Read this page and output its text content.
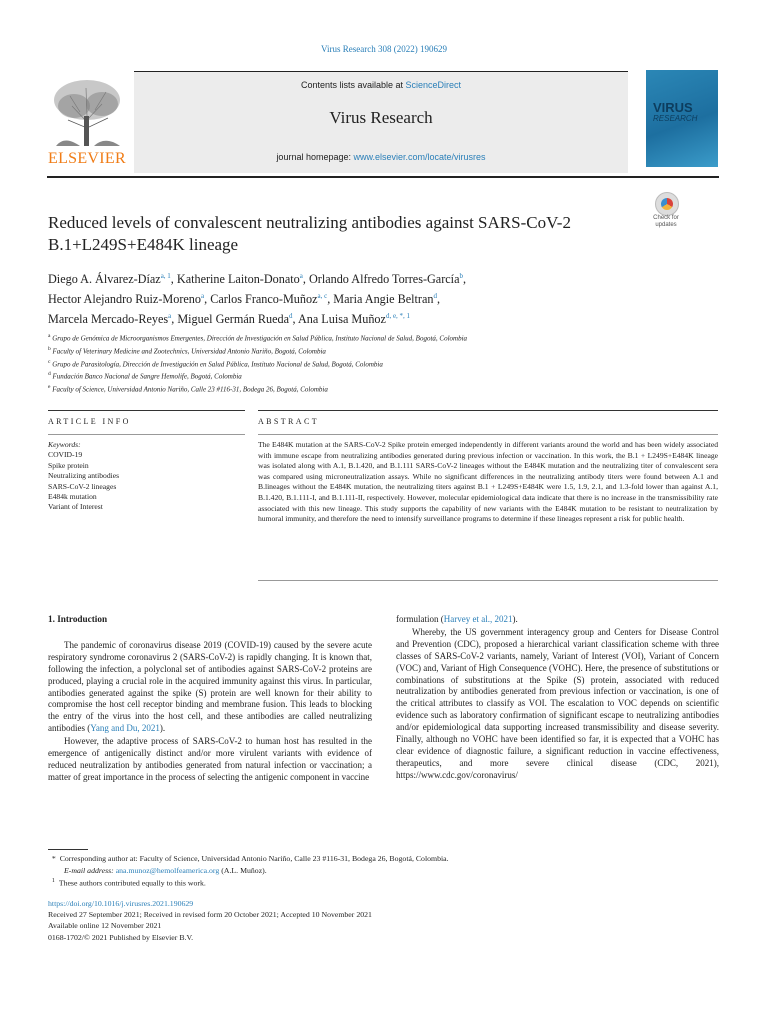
Virus Research 308 (2022) 190629
ELSEVIER
Contents lists available at ScienceDirect
Virus Research
journal homepage: www.elsevier.com/locate/virusres
VIRUS
RESEARCH
Reduced levels of convalescent neutralizing antibodies against SARS-CoV-2 B.1+L249S+E484K lineage
Check for
updates
Diego A. Álvarez-Díaz$^{a, 1}$, Katherine Laiton-Donato$^a$, Orlando Alfredo Torres-García$^b$,
Hector Alejandro Ruiz-Moreno$^a$, Carlos Franco-Muñoz$^{a, c}$, Maria Angie Beltran$^d$,
Marcela Mercado-Reyes$^a$, Miguel Germán Rueda$^d$, Ana Luisa Muñoz$^{d, e, *, 1}$
$^a$ Grupo de Genómica de Microorganismos Emergentes, Dirección de Investigación en Salud Pública, Instituto Nacional de Salud, Bogotá, Colombia
$^b$ Faculty of Veterinary Medicine and Zootechnics, Universidad Antonio Nariño, Bogotá, Colombia
$^c$ Grupo de Parasitología, Dirección de Investigación en Salud Pública, Instituto Nacional de Salud, Bogotá, Colombia
$^d$ Fundación Banco Nacional de Sangre Hemolife, Bogotá, Colombia
$^e$ Faculty of Science, Universidad Antonio Nariño, Calle 23 #116-31, Bodega 26, Bogotá, Colombia
ARTICLE INFO	ABSTRACT
Keywords:
COVID-19
Spike protein
Neutralizing antibodies
SARS-CoV-2 lineages
E484k mutation
Variant of Interest
The E484K mutation at the SARS-CoV-2 Spike protein emerged independently in different variants around the world and has been widely associated with immune escape from neutralizing antibodies generated during previous infection or vaccination. In this work, the B.1 + L249S+E484K lineage was isolated along with A.1, B.1.420, and B.1.111 SARS-CoV-2 lineages without the E484K mutation and the neutralizing titer of convalescent sera was compared using microneutralization assays. While no significant differences in the neutralizing antibody titers were found between A.1 and B.lineages without the E484K mutation, the neutralizing titers against B.1 + L249S+E484K were 1.5, 1.9, 2.1, and 1.3-fold lower than against A.1, B.1.420, B.1.111-I, and B.1.111-II, respectively. However, molecular epidemiological data indicate that there is no increase in the transmissibility rate associated with this new lineage. This study supports the capability of new variants with the E484K mutation to be resistant to neutralization by humoral immunity, and therefore the need to intensify surveillance programs to determine if these lineages represent a risk for public health.
1. Introduction

The pandemic of coronavirus disease 2019 (COVID-19) caused by the severe acute respiratory syndrome coronavirus 2 (SARS-CoV-2) is rapidly changing. It is known that, following the infection, a polyclonal set of antibodies against SARS-CoV-2 proteins are produced, playing a crucial role in the acquired immunity against this virus. In particular, antibodies generated against the spike (S) protein are well known for their ability to compromise the host cell receptor binding and membrane fusion. This leads to blocking the entry of the virus into the host cell, and these antibodies are called neutralizing antibodies (Yang and Du, 2021).

However, the adaptive process of SARS-CoV-2 to human host has resulted in the emergence of antigenically distinct and/or more virulent variants with evidence of reduced neutralization by antibodies generated from natural infection or vaccination; a matter of great importance in the process of selecting the antigenic component in vaccine

formulation (Harvey et al., 2021).

Whereby, the US government interagency group and Centers for Disease Control and Prevention (CDC), proposed a hierarchical variant classification scheme with three classes of SARS-CoV-2 variants, namely, Variant of Interest (VOI), Variant of Concern (VOC) and, Variant of High Consequence (VOHC). Here, the presence of substitutions or combinations of substitutions at the Spike (S) protein, associated with reduced neutralization by antibodies generated from previous infection or vaccination, is one of the critical attributes to classify as VOI. The escalation to VOC depends on scientific evidence such as laboratory confirmation of significant escape to neutralizing antibodies and/or epidemiological data supporting increased transmissibility and disease severity. Finally, although no VOHC have been identified so far, it is expected that a VOHC has clear evidence of diagnostic failure, a significant reduction in vaccine effectiveness, therapeutics, and more severe clinical disease (CDC, 2021), https://www.cdc.gov/coronavirus/

*  Corresponding author at: Faculty of Science, Universidad Antonio Nariño, Calle 23 #116-31, Bodega 26, Bogotá, Colombia.
E-mail address: ana.munoz@hemolfeamerica.org (A.L. Muñoz).
$^1$ These authors contributed equally to this work.
https://doi.org/10.1016/j.virusres.2021.190629
Received 27 September 2021; Received in revised form 20 October 2021; Accepted 10 November 2021
Available online 12 November 2021
0168-1702/© 2021 Published by Elsevier B.V.
